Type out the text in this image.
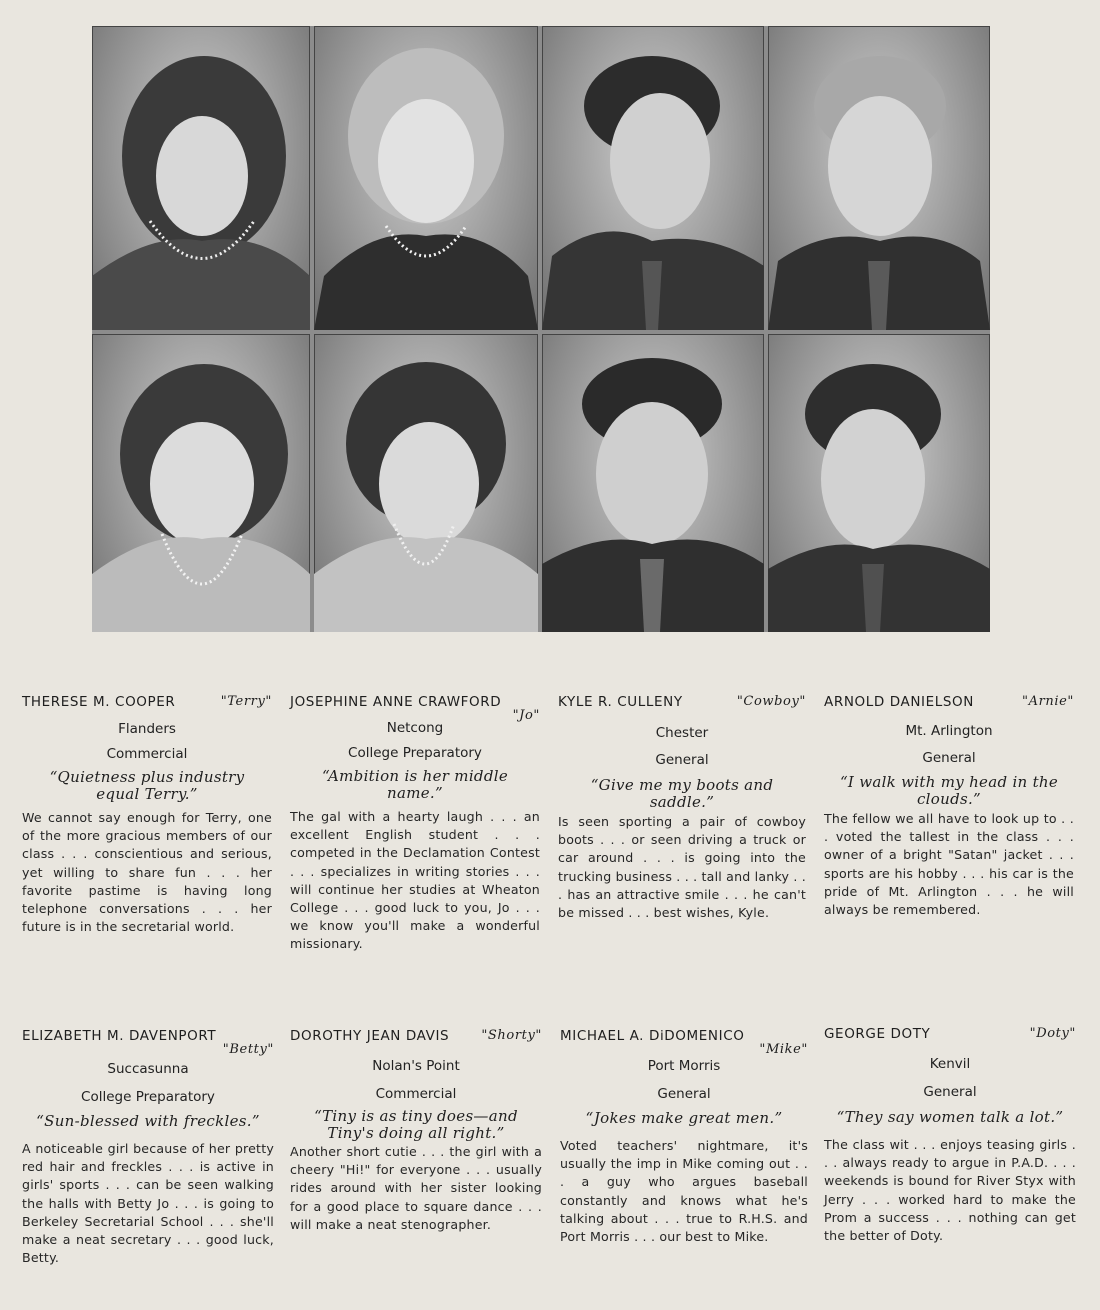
THERESE M. COOPER	"Terry"
Flanders
Commercial
“Quietness plus industry equal Terry.”
We cannot say enough for Terry, one of the more gracious members of our class . . . conscientious and serious, yet willing to share fun . . . her favorite pastime is having long telephone conversations . . . her future is in the secretarial world.
JOSEPHINE ANNE CRAWFORD
"Jo"
Netcong
College Preparatory
“Ambition is her middle name.”
The gal with a hearty laugh . . . an excellent English student . . . competed in the Declamation Contest . . . specializes in writing stories . . . will continue her studies at Wheaton College . . . good luck to you, Jo . . . we know you'll make a wonderful missionary.
KYLE R. CULLENY	"Cowboy"
Chester
General
“Give me my boots and saddle.”
Is seen sporting a pair of cowboy boots . . . or seen driving a truck or car around . . . is going into the trucking business . . . tall and lanky . . . has an attractive smile . . . he can't be missed . . . best wishes, Kyle.
ARNOLD DANIELSON	"Arnie"
Mt. Arlington
General
“I walk with my head in the clouds.”
The fellow we all have to look up to . . . voted the tallest in the class . . . owner of a bright "Satan" jacket . . . sports are his hobby . . . his car is the pride of Mt. Arlington . . . he will always be remembered.
ELIZABETH M. DAVENPORT
"Betty"
Succasunna
College Preparatory
“Sun-blessed with freckles.”
A noticeable girl because of her pretty red hair and freckles . . . is active in girls' sports . . . can be seen walking the halls with Betty Jo . . . is going to Berkeley Secretarial School . . . she'll make a neat secretary . . . good luck, Betty.
DOROTHY JEAN DAVIS "Shorty"
Nolan's Point
Commercial
“Tiny is as tiny does—and Tiny's doing all right.”
Another short cutie . . . the girl with a cheery "Hi!" for everyone . . . usually rides around with her sister looking for a good place to square dance . . . will make a neat stenographer.
MICHAEL A. DiDOMENICO
"Mike"
Port Morris
General
“Jokes make great men.”
Voted teachers' nightmare, it's usually the imp in Mike coming out . . . a guy who argues baseball constantly and knows what he's talking about . . . true to R.H.S. and Port Morris . . . our best to Mike.
GEORGE DOTY	"Doty"
Kenvil
General
“They say women talk a lot.”
The class wit . . . enjoys teasing girls . . . always ready to argue in P.A.D. . . . weekends is bound for River Styx with Jerry . . . worked hard to make the Prom a success . . . nothing can get the better of Doty.
